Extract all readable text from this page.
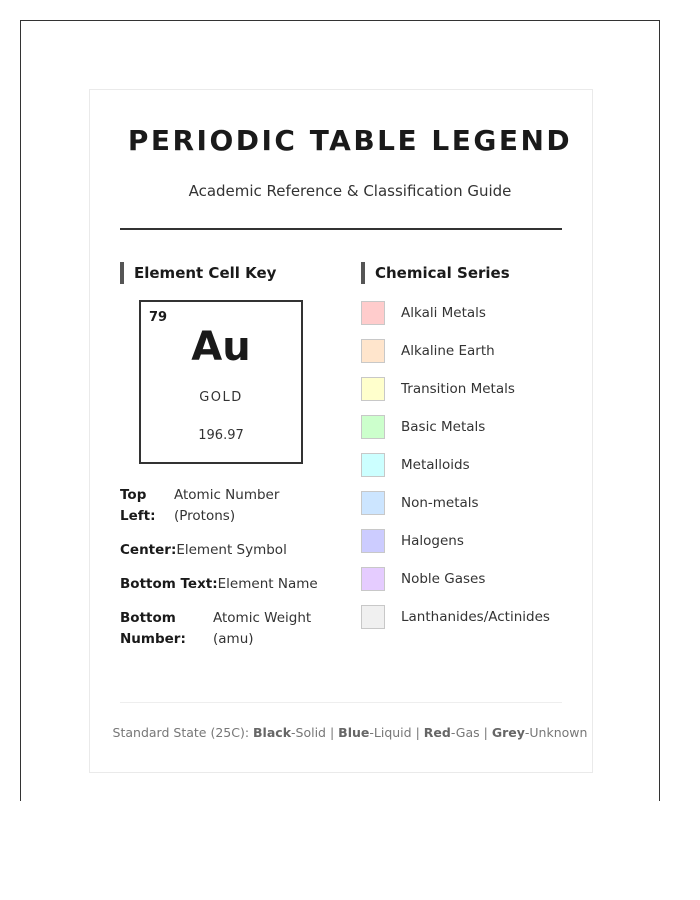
PERIODIC TABLE LEGEND
Academic Reference & Classification Guide
Element Cell Key	Chemical Series
79
Au
GOLD
196.97
Top
Left:
Atomic Number
(Protons)
Center: Element Symbol
Bottom Text: Element Name
Bottom
Number:
Atomic Weight
(amu)
Alkali Metals
Alkaline Earth
Transition Metals
Basic Metals
Metalloids
Non-metals
Halogens
Noble Gases
Lanthanides/Actinides
Standard State (25C): Black-Solid | Blue-Liquid | Red-Gas | Grey-Unknown
